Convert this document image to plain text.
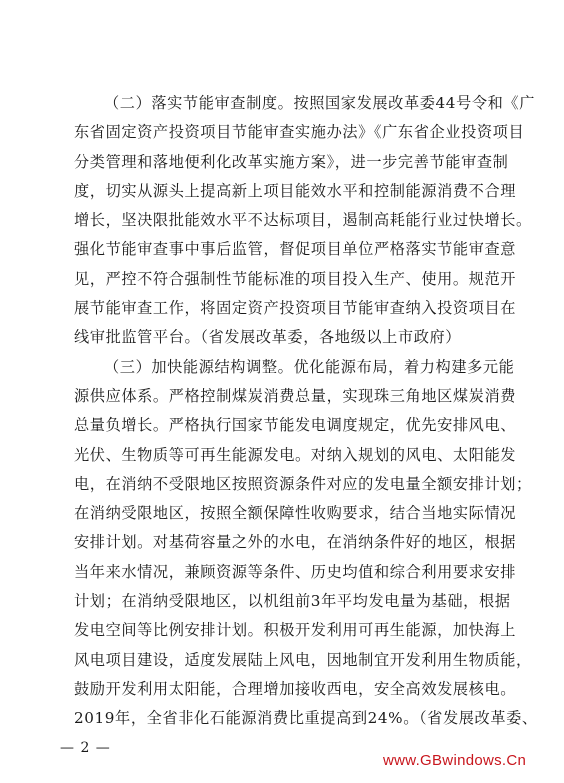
（二）落实节能审查制度。按照国家发展改革委44号令和《广
东省固定资产投资项目节能审查实施办法》《广东省企业投资项目
分类管理和落地便利化改革实施方案》，进一步完善节能审查制
度，切实从源头上提高新上项目能效水平和控制能源消费不合理
增长，坚决限批能效水平不达标项目，遏制高耗能行业过快增长。
强化节能审查事中事后监管，督促项目单位严格落实节能审查意
见，严控不符合强制性节能标准的项目投入生产、使用。规范开
展节能审查工作，将固定资产投资项目节能审查纳入投资项目在
线审批监管平台。（省发展改革委，各地级以上市政府）
（三）加快能源结构调整。优化能源布局，着力构建多元能
源供应体系。严格控制煤炭消费总量，实现珠三角地区煤炭消费
总量负增长。严格执行国家节能发电调度规定，优先安排风电、
光伏、生物质等可再生能源发电。对纳入规划的风电、太阳能发
电，在消纳不受限地区按照资源条件对应的发电量全额安排计划；
在消纳受限地区，按照全额保障性收购要求，结合当地实际情况
安排计划。对基荷容量之外的水电，在消纳条件好的地区，根据
当年来水情况，兼顾资源等条件、历史均值和综合利用要求安排
计划；在消纳受限地区，以机组前3年平均发电量为基础，根据
发电空间等比例安排计划。积极开发利用可再生能源，加快海上
风电项目建设，适度发展陆上风电，因地制宜开发利用生物质能，
鼓励开发利用太阳能，合理增加接收西电，安全高效发展核电。
2019年，全省非化石能源消费比重提高到24%。（省发展改革委、
— 2 —
www.GBwindows.Cn
